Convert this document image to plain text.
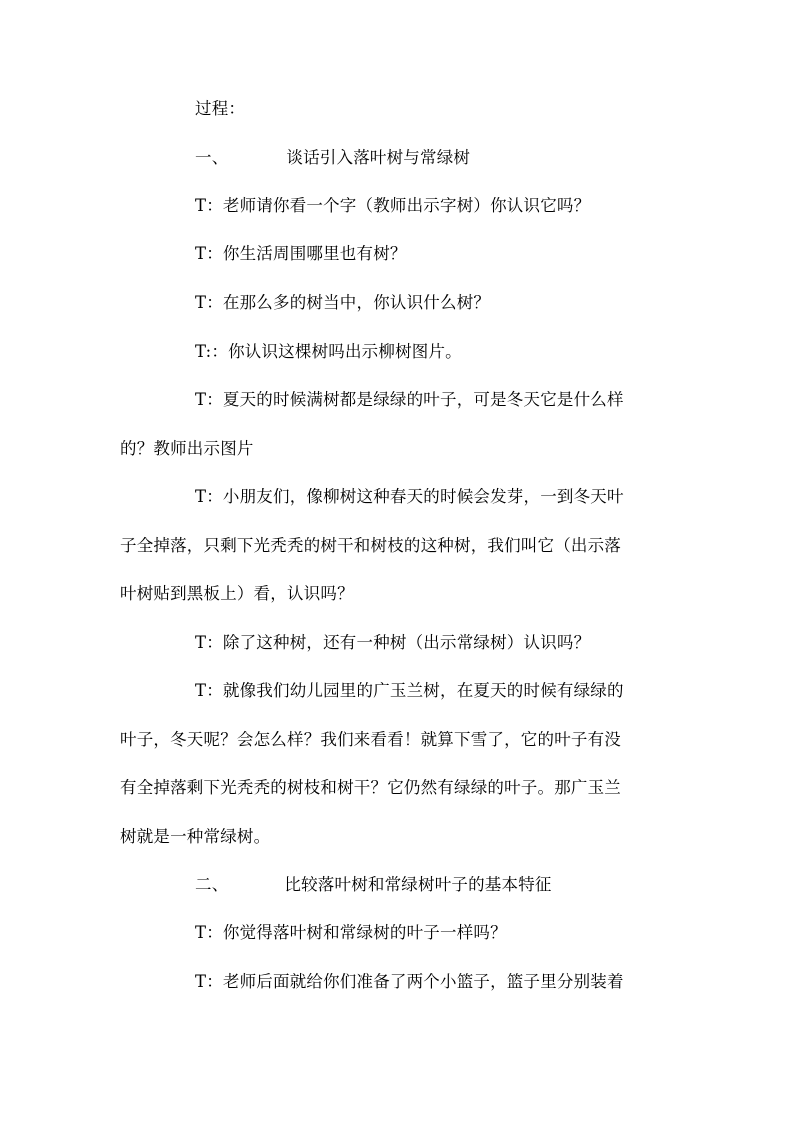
过程：
一、	谈话引入落叶树与常绿树
T：老师请你看一个字（教师出示字树）你认识它吗？
T：你生活周围哪里也有树？
T：在那么多的树当中，你认识什么树？
T:：你认识这棵树吗出示柳树图片。
T：夏天的时候满树都是绿绿的叶子，可是冬天它是什么样
的？教师出示图片
T：小朋友们，像柳树这种春天的时候会发芽，一到冬天叶
子全掉落，只剩下光秃秃的树干和树枝的这种树，我们叫它（出示落
叶树贴到黑板上）看，认识吗？
T：除了这种树，还有一种树（出示常绿树）认识吗？
T：就像我们幼儿园里的广玉兰树，在夏天的时候有绿绿的
叶子，冬天呢？会怎么样？我们来看看！就算下雪了，它的叶子有没
有全掉落剩下光秃秃的树枝和树干？它仍然有绿绿的叶子。那广玉兰
树就是一种常绿树。
二、	比较落叶树和常绿树叶子的基本特征
T：你觉得落叶树和常绿树的叶子一样吗？
T：老师后面就给你们准备了两个小篮子，篮子里分别装着
